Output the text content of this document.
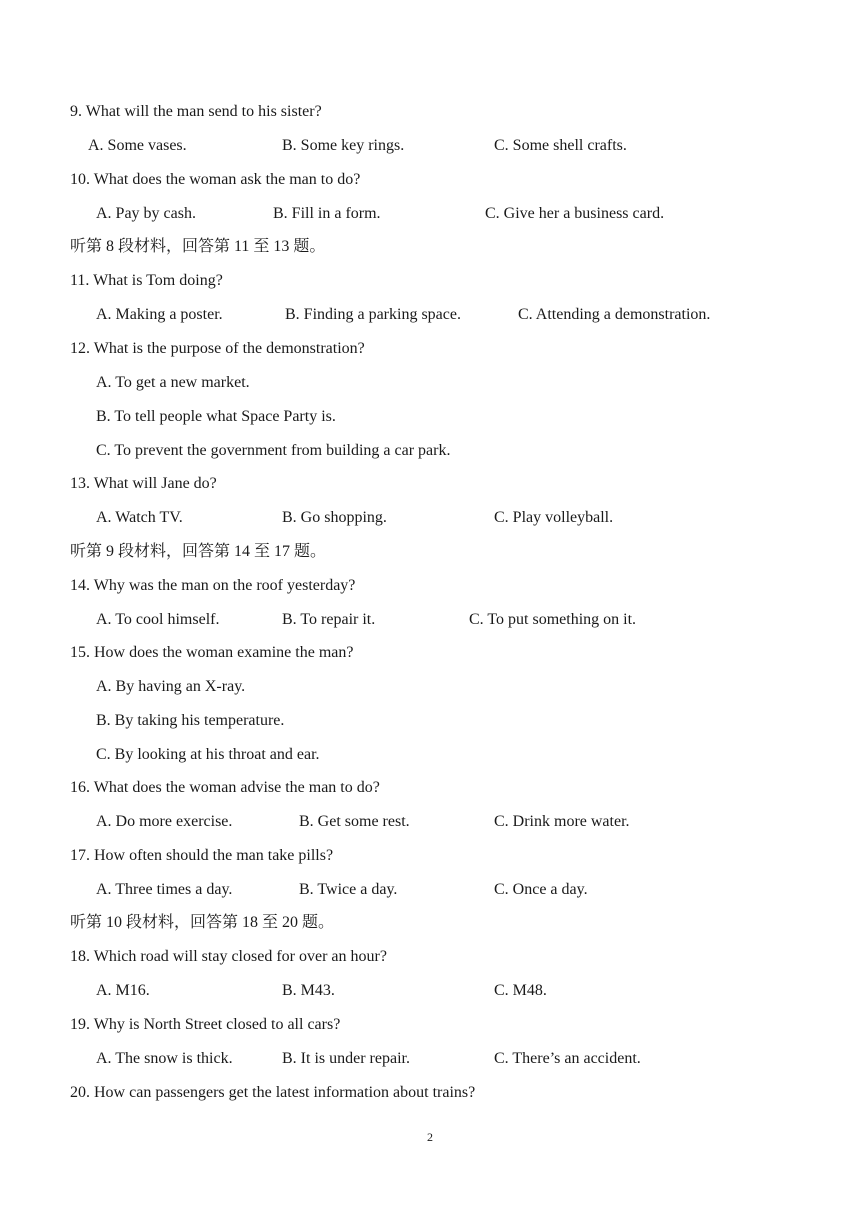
9. What will the man send to his sister?
A. Some vases.	B. Some key rings.	C. Some shell crafts.
10. What does the woman ask the man to do?
A. Pay by cash.	B. Fill in a form.	C. Give her a business card.
听第 8 段材料，回答第 11 至 13 题。
11. What is Tom doing?
A. Making a poster.	B. Finding a parking space.	C. Attending a demonstration.
12. What is the purpose of the demonstration?
A. To get a new market.
B. To tell people what Space Party is.
C. To prevent the government from building a car park.
13. What will Jane do?
A. Watch TV.	B. Go shopping.	C. Play volleyball.
听第 9 段材料，回答第 14 至 17 题。
14. Why was the man on the roof yesterday?
A. To cool himself.	B. To repair it.	C. To put something on it.
15. How does the woman examine the man?
A. By having an X-ray.
B. By taking his temperature.
C. By looking at his throat and ear.
16. What does the woman advise the man to do?
A. Do more exercise.	B. Get some rest.	C. Drink more water.
17. How often should the man take pills?
A. Three times a day.	B. Twice a day.	C. Once a day.
听第 10 段材料，回答第 18 至 20 题。
18. Which road will stay closed for over an hour?
A. M16.	B. M43.	C. M48.
19. Why is North Street closed to all cars?
A. The snow is thick.	B. It is under repair.	C. There’s an accident.
20. How can passengers get the latest information about trains?
2
